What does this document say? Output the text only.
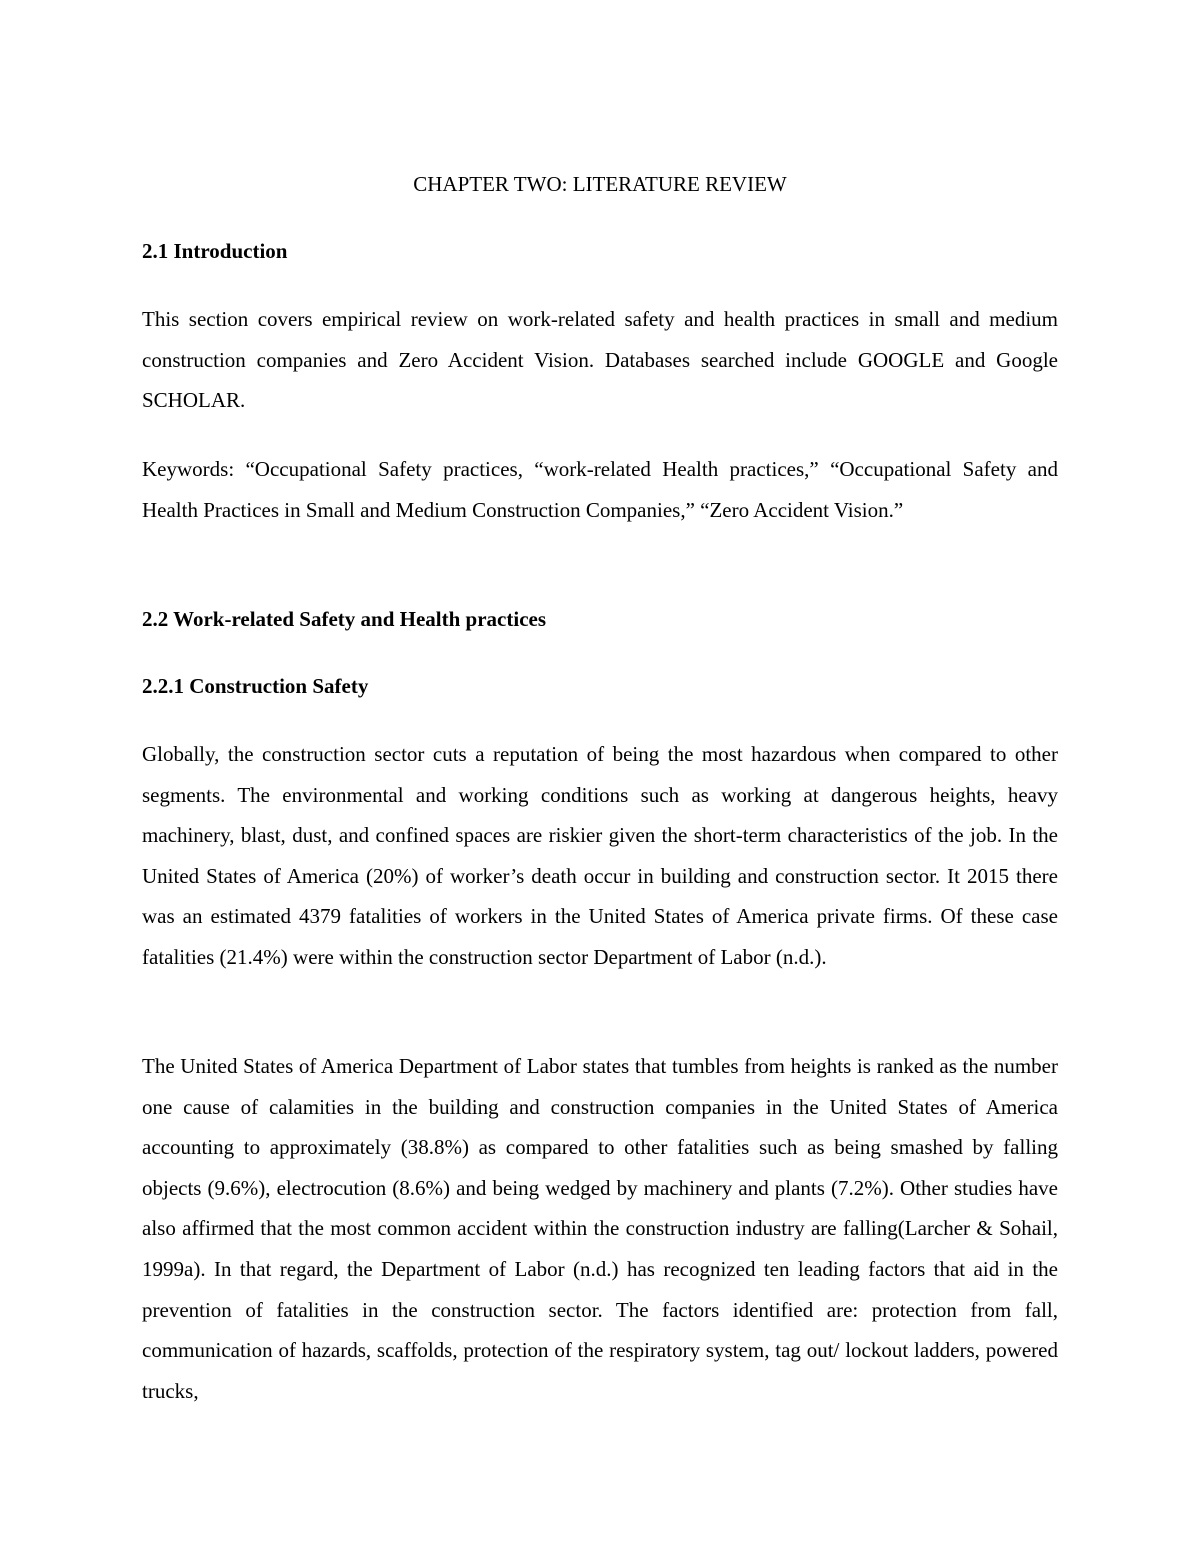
CHAPTER TWO: LITERATURE REVIEW
2.1 Introduction

This section covers empirical review on work-related safety and health practices in small and medium construction companies and Zero Accident Vision. Databases searched include GOOGLE and Google SCHOLAR.

Keywords: “Occupational Safety practices, “work-related Health practices,” “Occupational Safety and Health Practices in Small and Medium Construction Companies,” “Zero Accident Vision.”

2.2 Work-related Safety and Health practices
2.2.1 Construction Safety

Globally, the construction sector cuts a reputation of being the most hazardous when compared to other segments. The environmental and working conditions such as working at dangerous heights, heavy machinery, blast, dust, and confined spaces are riskier given the short-term characteristics of the job. In the United States of America (20%) of worker’s death occur in building and construction sector. It 2015 there was an estimated 4379 fatalities of workers in the United States of America private firms. Of these case fatalities (21.4%) were within the construction sector Department of Labor (n.d.).

The United States of America Department of Labor states that tumbles from heights is ranked as the number one cause of calamities in the building and construction companies in the United States of America accounting to approximately (38.8%) as compared to other fatalities such as being smashed by falling objects (9.6%), electrocution (8.6%) and being wedged by machinery and plants (7.2%). Other studies have also affirmed that the most common accident within the construction industry are falling(Larcher & Sohail, 1999a). In that regard, the Department of Labor (n.d.) has recognized ten leading factors that aid in the prevention of fatalities in the construction sector. The factors identified are: protection from fall, communication of hazards, scaffolds, protection of the respiratory system, tag out/ lockout ladders, powered trucks,
